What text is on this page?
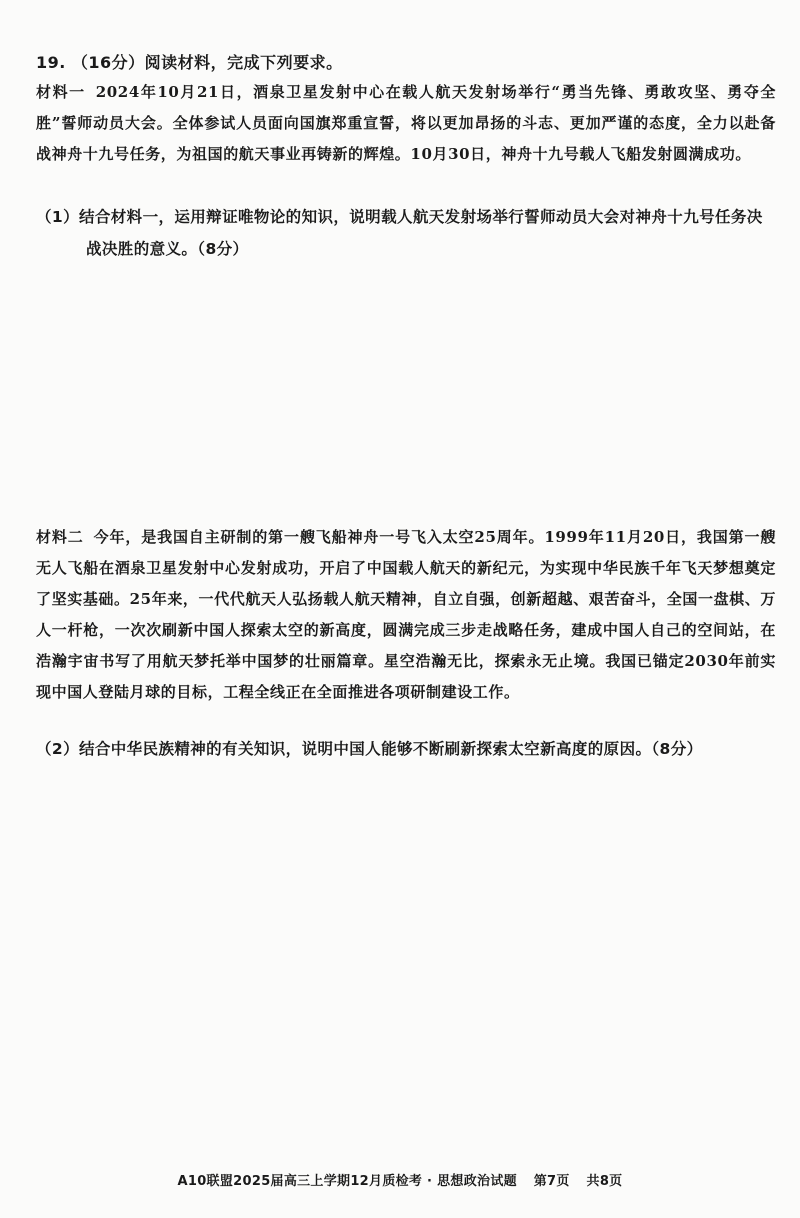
19. （16分）阅读材料，完成下列要求。
材料一 2024年10月21日，酒泉卫星发射中心在载人航天发射场举行“勇当先锋、勇敢攻坚、勇夺全胜”誓师动员大会。全体参试人员面向国旗郑重宣誓，将以更加昂扬的斗志、更加严谨的态度，全力以赴备战神舟十九号任务，为祖国的航天事业再铸新的辉煌。10月30日，神舟十九号载人飞船发射圆满成功。
（1）结合材料一，运用辩证唯物论的知识，说明载人航天发射场举行誓师动员大会对神舟十九号任务决战决胜的意义。（8分）
材料二 今年，是我国自主研制的第一艘飞船神舟一号飞入太空25周年。1999年11月20日，我国第一艘无人飞船在酒泉卫星发射中心发射成功，开启了中国载人航天的新纪元，为实现中华民族千年飞天梦想奠定了坚实基础。25年来，一代代航天人弘扬载人航天精神，自立自强，创新超越、艰苦奋斗，全国一盘棋、万人一杆枪，一次次刷新中国人探索太空的新高度，圆满完成三步走战略任务，建成中国人自己的空间站，在浩瀚宇宙书写了用航天梦托举中国梦的壮丽篇章。星空浩瀚无比，探索永无止境。我国已锚定2030年前实现中国人登陆月球的目标，工程全线正在全面推进各项研制建设工作。
（2）结合中华民族精神的有关知识，说明中国人能够不断刷新探索太空新高度的原因。（8分）
A10联盟2025届高三上学期12月质检考 · 思想政治试题 第7页 共8页
